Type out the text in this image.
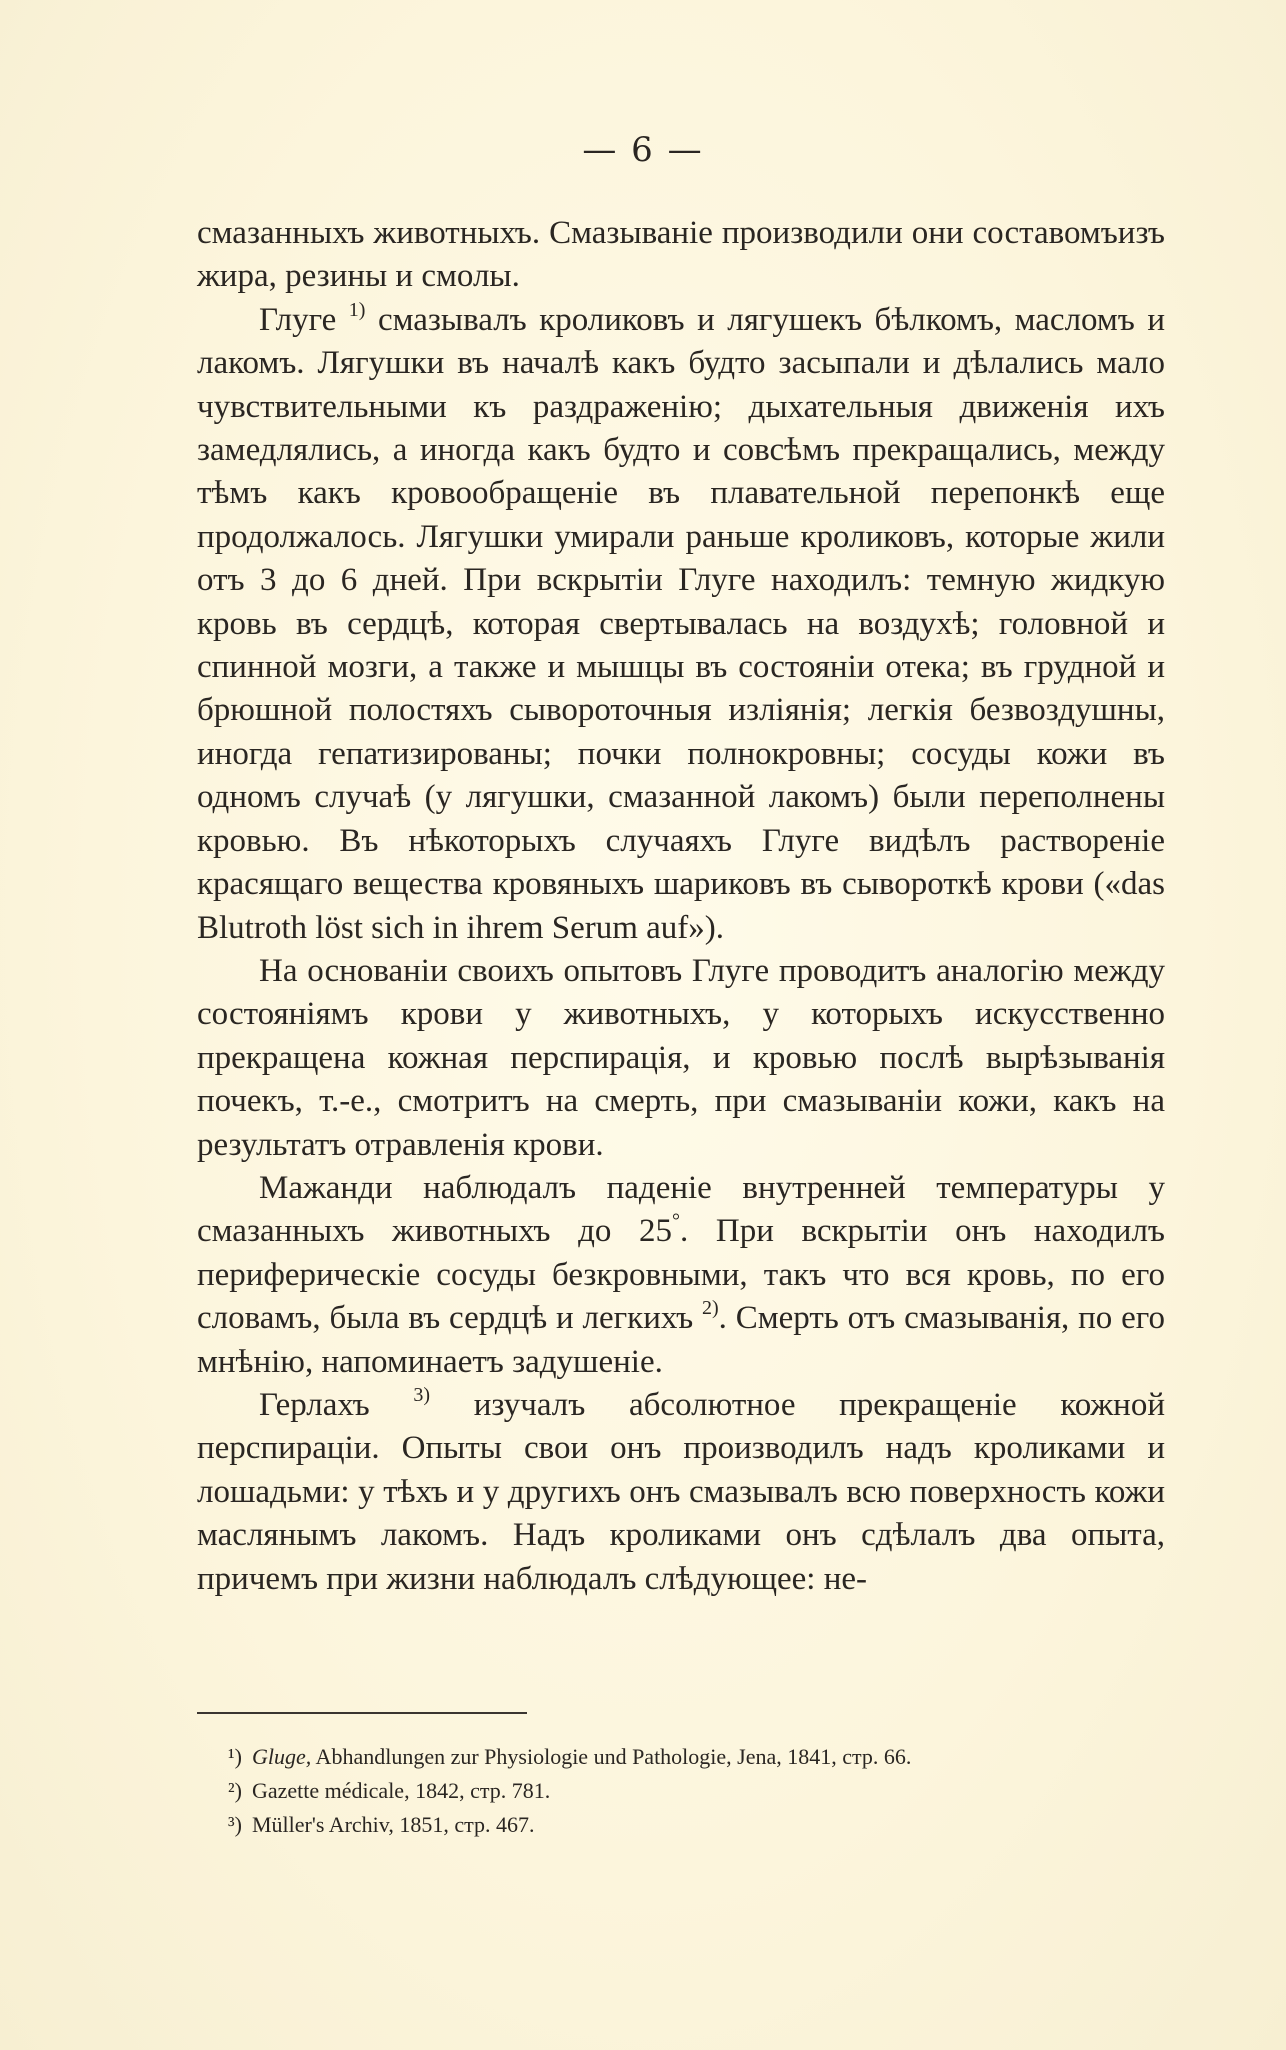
— 6 —

смазанныхъ животныхъ. Смазываніе производили они составомъизъ жира, резины и смолы.

Глуге $^{1)}$ смазывалъ кроликовъ и лягушекъ бѣлкомъ, масломъ и лакомъ. Лягушки въ началѣ какъ будто засыпали и дѣлались мало чувствительными къ раздраженію; дыхательныя движенія ихъ замедлялись, а иногда какъ будто и совсѣмъ прекращались, между тѣмъ какъ кровообращеніе въ плавательной перепонкѣ еще продолжалось. Лягушки умирали раньше кроликовъ, которые жили отъ 3 до 6 дней. При вскрытіи Глуге находилъ: темную жидкую кровь въ сердцѣ, которая свертывалась на воздухѣ; головной и спинной мозги, а также и мышцы въ состояніи отека; въ грудной и брюшной полостяхъ сывороточныя изліянія; легкія безвоздушны, иногда гепатизированы; почки полнокровны; сосуды кожи въ одномъ случаѣ (у лягушки, смазанной лакомъ) были переполнены кровью. Въ нѣкоторыхъ случаяхъ Глуге видѣлъ раствореніе красящаго вещества кровяныхъ шариковъ въ сывороткѣ крови («das Blutroth löst sich in ihrem Serum auf»).

На основаніи своихъ опытовъ Глуге проводитъ аналогію между состояніямъ крови у животныхъ, у которыхъ искусственно прекращена кожная перспирація, и кровью послѣ вырѣзыванія почекъ, т.-е., смотритъ на смерть, при смазываніи кожи, какъ на результатъ отравленія крови.

Мажанди наблюдалъ паденіе внутренней температуры у смазанныхъ животныхъ до 25°. При вскрытіи онъ находилъ периферическіе сосуды безкровными, такъ что вся кровь, по его словамъ, была въ сердцѣ и легкихъ $^{2)}$. Смерть отъ смазыванія, по его мнѣнію, напоминаетъ задушеніе.

Герлахъ $^{3)}$ изучалъ абсолютное прекращеніе кожной перспираціи. Опыты свои онъ производилъ надъ кроликами и лошадьми: у тѣхъ и у другихъ онъ смазывалъ всю поверхность кожи маслянымъ лакомъ. Надъ кроликами онъ сдѣлалъ два опыта, причемъ при жизни наблюдалъ слѣдующее: не-

¹) Gluge, Abhandlungen zur Physiologie und Pathologie, Jena, 1841, стр. 66.
²) Gazette médicale, 1842, стр. 781.
³) Müller's Archiv, 1851, стр. 467.
